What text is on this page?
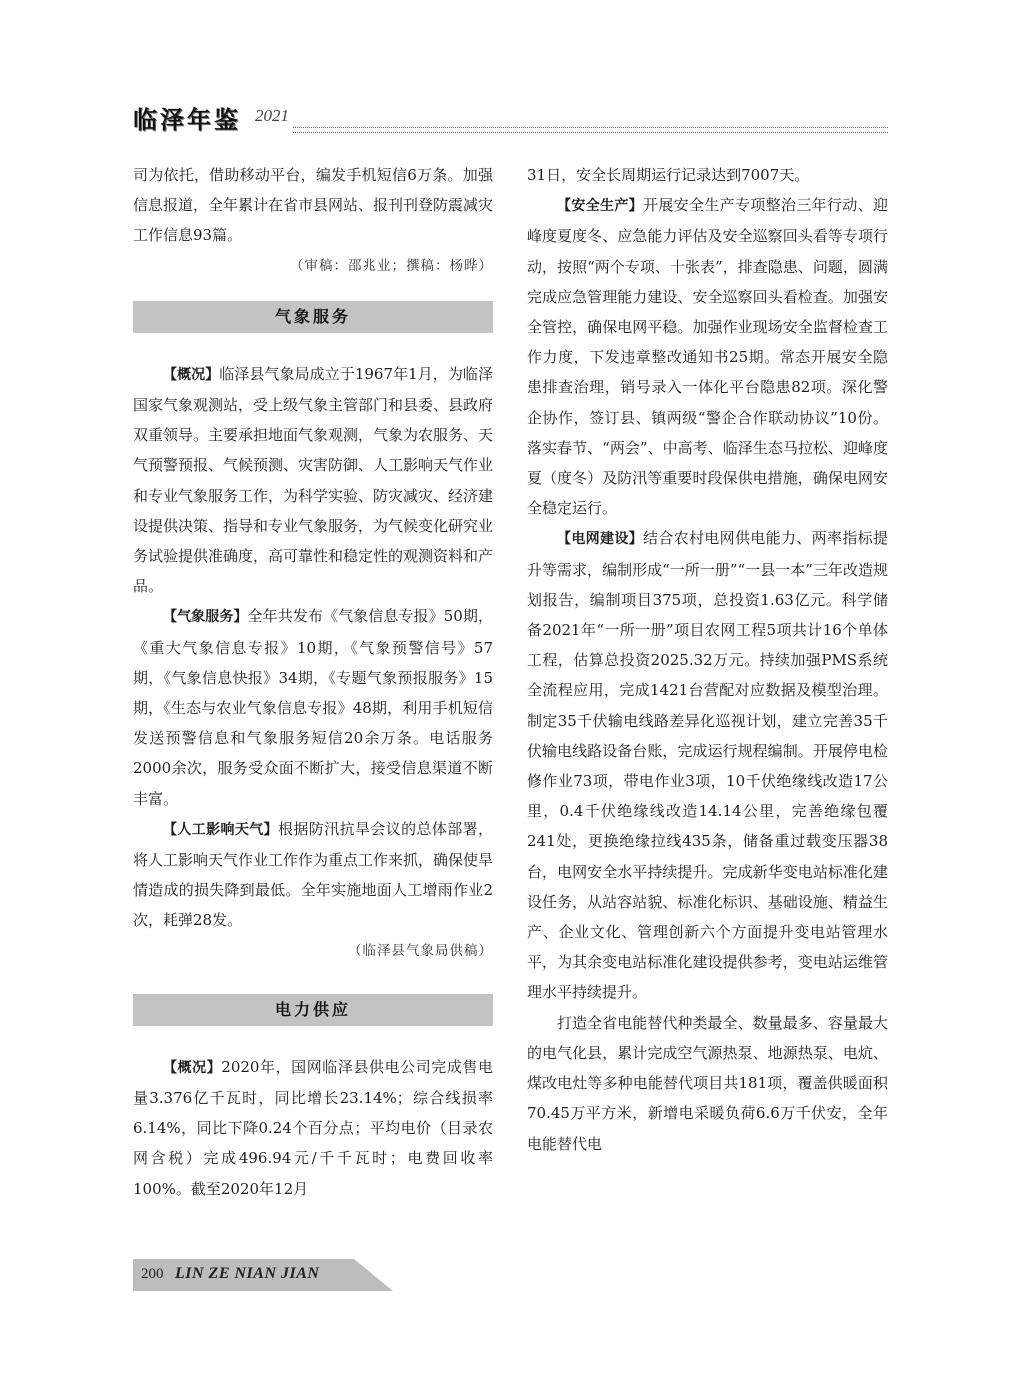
临泽年鉴 2021

司为依托，借助移动平台，编发手机短信6万条。加强信息报道，全年累计在省市县网站、报刊刊登防震减灾工作信息93篇。

（审稿：邵兆业；撰稿：杨晔）
气象服务

【概况】临泽县气象局成立于1967年1月，为临泽国家气象观测站，受上级气象主管部门和县委、县政府双重领导。主要承担地面气象观测，气象为农服务、天气预警预报、气候预测、灾害防御、人工影响天气作业和专业气象服务工作，为科学实验、防灾减灾、经济建设提供决策、指导和专业气象服务，为气候变化研究业务试验提供准确度，高可靠性和稳定性的观测资料和产品。

【气象服务】全年共发布《气象信息专报》50期，《重大气象信息专报》10期，《气象预警信号》57期，《气象信息快报》34期，《专题气象预报服务》15期，《生态与农业气象信息专报》48期，利用手机短信发送预警信息和气象服务短信20余万条。电话服务2000余次，服务受众面不断扩大，接受信息渠道不断丰富。

【人工影响天气】根据防汛抗旱会议的总体部署，将人工影响天气作业工作作为重点工作来抓，确保使旱情造成的损失降到最低。全年实施地面人工增雨作业2次，耗弹28发。

（临泽县气象局供稿）
电力供应

【概况】2020年，国网临泽县供电公司完成售电量3.376亿千瓦时，同比增长23.14%；综合线损率6.14%，同比下降0.24个百分点；平均电价（目录农网含税）完成496.94元/千千瓦时；电费回收率100%。截至2020年12月

31日，安全长周期运行记录达到7007天。

【安全生产】开展安全生产专项整治三年行动、迎峰度夏度冬、应急能力评估及安全巡察回头看等专项行动，按照“两个专项、十张表”，排查隐患、问题，圆满完成应急管理能力建设、安全巡察回头看检查。加强安全管控，确保电网平稳。加强作业现场安全监督检查工作力度，下发违章整改通知书25期。常态开展安全隐患排查治理，销号录入一体化平台隐患82项。深化警企协作，签订县、镇两级“警企合作联动协议”10份。落实春节、“两会”、中高考、临泽生态马拉松、迎峰度夏（度冬）及防汛等重要时段保供电措施，确保电网安全稳定运行。

【电网建设】结合农村电网供电能力、两率指标提升等需求，编制形成“一所一册”“一县一本”三年改造规划报告，编制项目375项，总投资1.63亿元。科学储备2021年“一所一册”项目农网工程5项共计16个单体工程，估算总投资2025.32万元。持续加强PMS系统全流程应用，完成1421台营配对应数据及模型治理。制定35千伏输电线路差异化巡视计划，建立完善35千伏输电线路设备台账，完成运行规程编制。开展停电检修作业73项，带电作业3项，10千伏绝缘线改造17公里，0.4千伏绝缘线改造14.14公里，完善绝缘包覆241处，更换绝缘拉线435条，储备重过载变压器38台，电网安全水平持续提升。完成新华变电站标准化建设任务，从站容站貌、标准化标识、基础设施、精益生产、企业文化、管理创新六个方面提升变电站管理水平，为其余变电站标准化建设提供参考，变电站运维管理水平持续提升。

打造全省电能替代种类最全、数量最多、容量最大的电气化县，累计完成空气源热泵、地源热泵、电炕、煤改电灶等多种电能替代项目共181项，覆盖供暖面积70.45万平方米，新增电采暖负荷6.6万千伏安，全年电能替代电

200 LIN ZE NIAN JIAN
